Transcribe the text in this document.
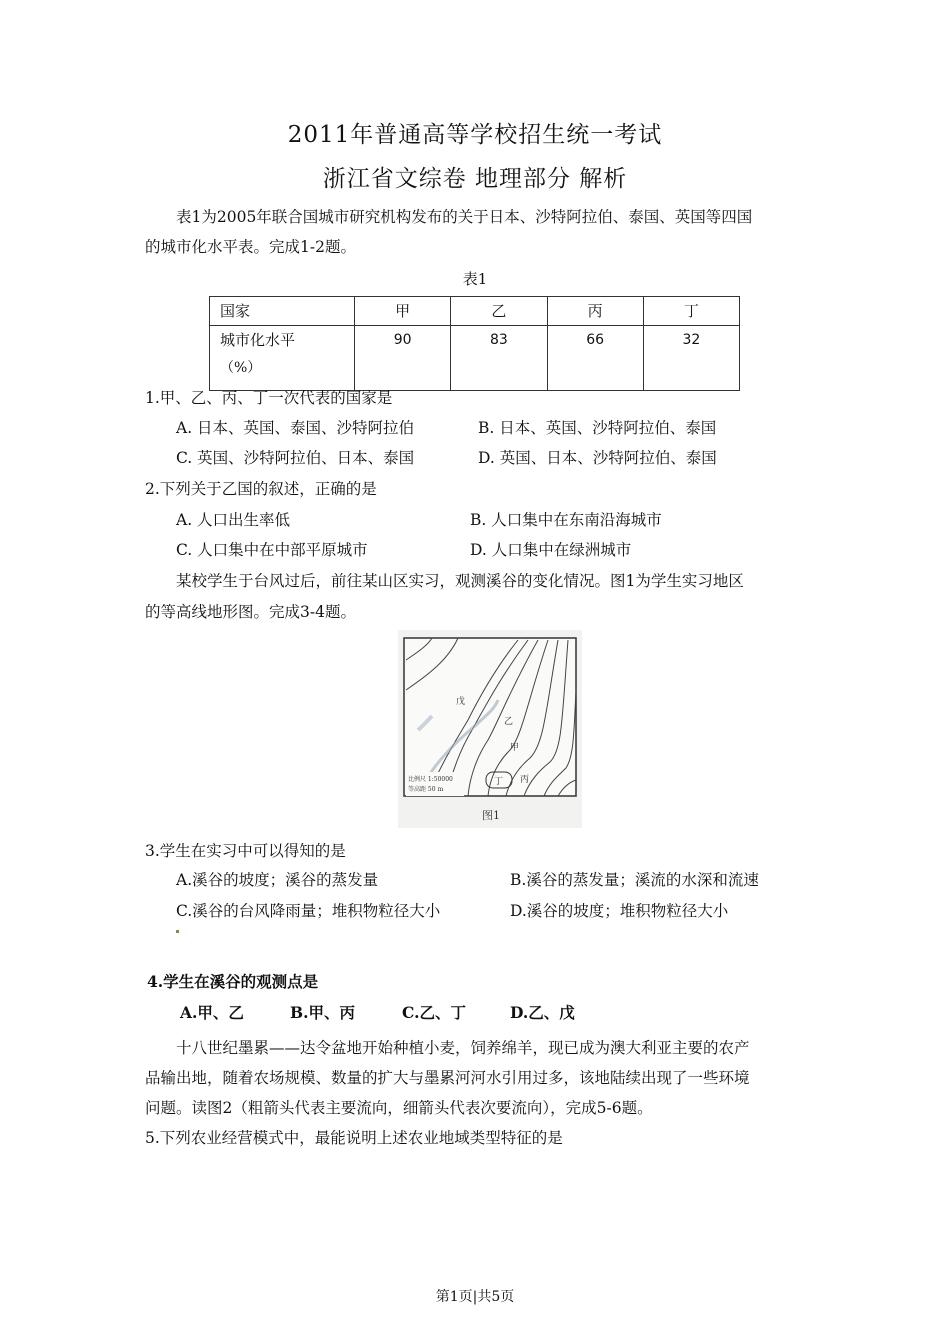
2011年普通高等学校招生统一考试
浙江省文综卷 地理部分 解析
表1为2005年联合国城市研究机构发布的关于日本、沙特阿拉伯、泰国、英国等四国
的城市化水平表。完成1-2题。
表1
国家	甲	乙	丙	丁

城市化水平
（%）	90	83	66	32
1.甲、乙、丙、丁一次代表的国家是
A. 日本、英国、泰国、沙特阿拉伯	B. 日本、英国、沙特阿拉伯、泰国
C. 英国、沙特阿拉伯、日本、泰国	D. 英国、日本、沙特阿拉伯、泰国
2.下列关于乙国的叙述，正确的是
A. 人口出生率低	B. 人口集中在东南沿海城市
C. 人口集中在中部平原城市	D. 人口集中在绿洲城市
某校学生于台风过后，前往某山区实习，观测溪谷的变化情况。图1为学生实习地区
的等高线地形图。完成3-4题。
戊
乙
甲
丁 丙
比例尺 1:50000
等高距 50 m
图1
3.学生在实习中可以得知的是
A.溪谷的坡度；溪谷的蒸发量	B.溪谷的蒸发量；溪流的水深和流速
C.溪谷的台风降雨量；堆积物粒径大小	D.溪谷的坡度；堆积物粒径大小
4.学生在溪谷的观测点是
A.甲、乙	B.甲、丙	C.乙、丁	D.乙、戊
十八世纪墨累——达令盆地开始种植小麦，饲养绵羊，现已成为澳大利亚主要的农产
品输出地，随着农场规模、数量的扩大与墨累河河水引用过多，该地陆续出现了一些环境
问题。读图2（粗箭头代表主要流向，细箭头代表次要流向），完成5-6题。
5.下列农业经营模式中，最能说明上述农业地域类型特征的是
第1页|共5页
